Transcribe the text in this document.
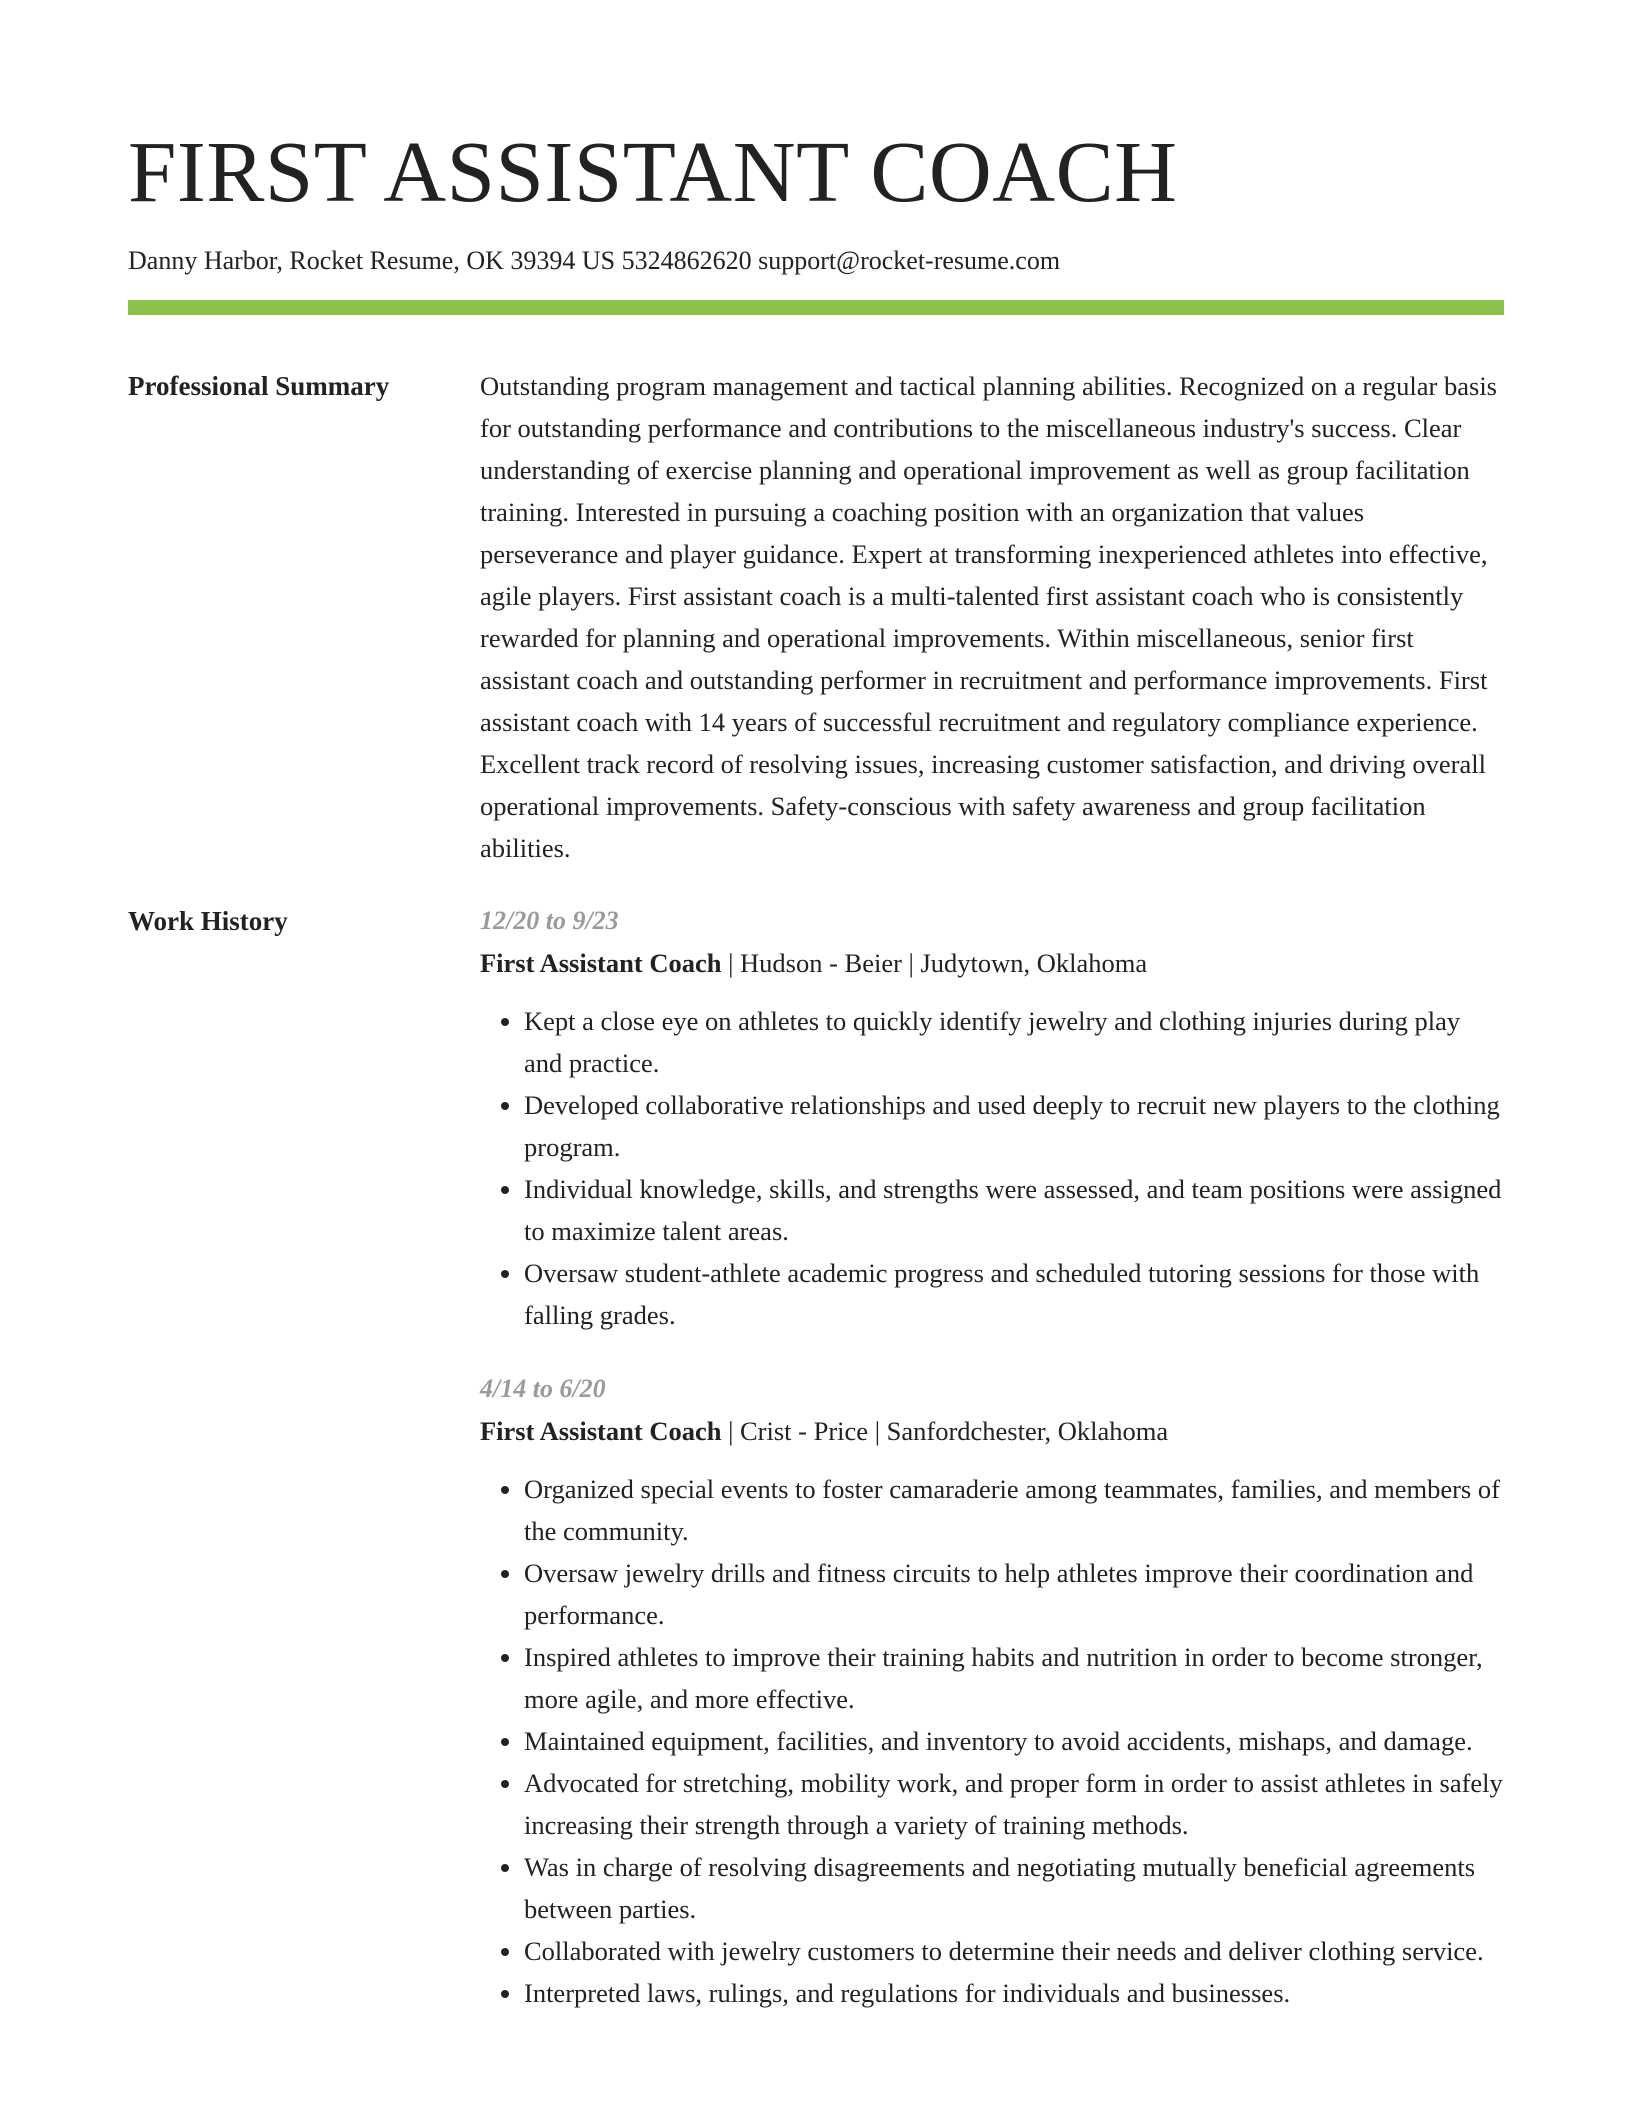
FIRST ASSISTANT COACH
Danny Harbor, Rocket Resume, OK 39394 US 5324862620 support@rocket-resume.com
Professional Summary	Outstanding program management and tactical planning abilities. Recognized on a regular basis for outstanding performance and contributions to the miscellaneous industry's success. Clear understanding of exercise planning and operational improvement as well as group facilitation training. Interested in pursuing a coaching position with an organization that values perseverance and player guidance. Expert at transforming inexperienced athletes into effective, agile players. First assistant coach is a multi-talented first assistant coach who is consistently rewarded for planning and operational improvements. Within miscellaneous, senior first assistant coach and outstanding performer in recruitment and performance improvements. First assistant coach with 14 years of successful recruitment and regulatory compliance experience. Excellent track record of resolving issues, increasing customer satisfaction, and driving overall operational improvements. Safety-conscious with safety awareness and group facilitation abilities.

Work History	12/20 to 9/23
First Assistant Coach | Hudson - Beier | Judytown, Oklahoma
• Kept a close eye on athletes to quickly identify jewelry and clothing injuries during play and practice.
• Developed collaborative relationships and used deeply to recruit new players to the clothing program.
• Individual knowledge, skills, and strengths were assessed, and team positions were assigned to maximize talent areas.
• Oversaw student-athlete academic progress and scheduled tutoring sessions for those with falling grades.
4/14 to 6/20
First Assistant Coach | Crist - Price | Sanfordchester, Oklahoma
• Organized special events to foster camaraderie among teammates, families, and members of the community.
• Oversaw jewelry drills and fitness circuits to help athletes improve their coordination and performance.
• Inspired athletes to improve their training habits and nutrition in order to become stronger, more agile, and more effective.
• Maintained equipment, facilities, and inventory to avoid accidents, mishaps, and damage.
• Advocated for stretching, mobility work, and proper form in order to assist athletes in safely increasing their strength through a variety of training methods.
• Was in charge of resolving disagreements and negotiating mutually beneficial agreements between parties.
• Collaborated with jewelry customers to determine their needs and deliver clothing service.
• Interpreted laws, rulings, and regulations for individuals and businesses.
